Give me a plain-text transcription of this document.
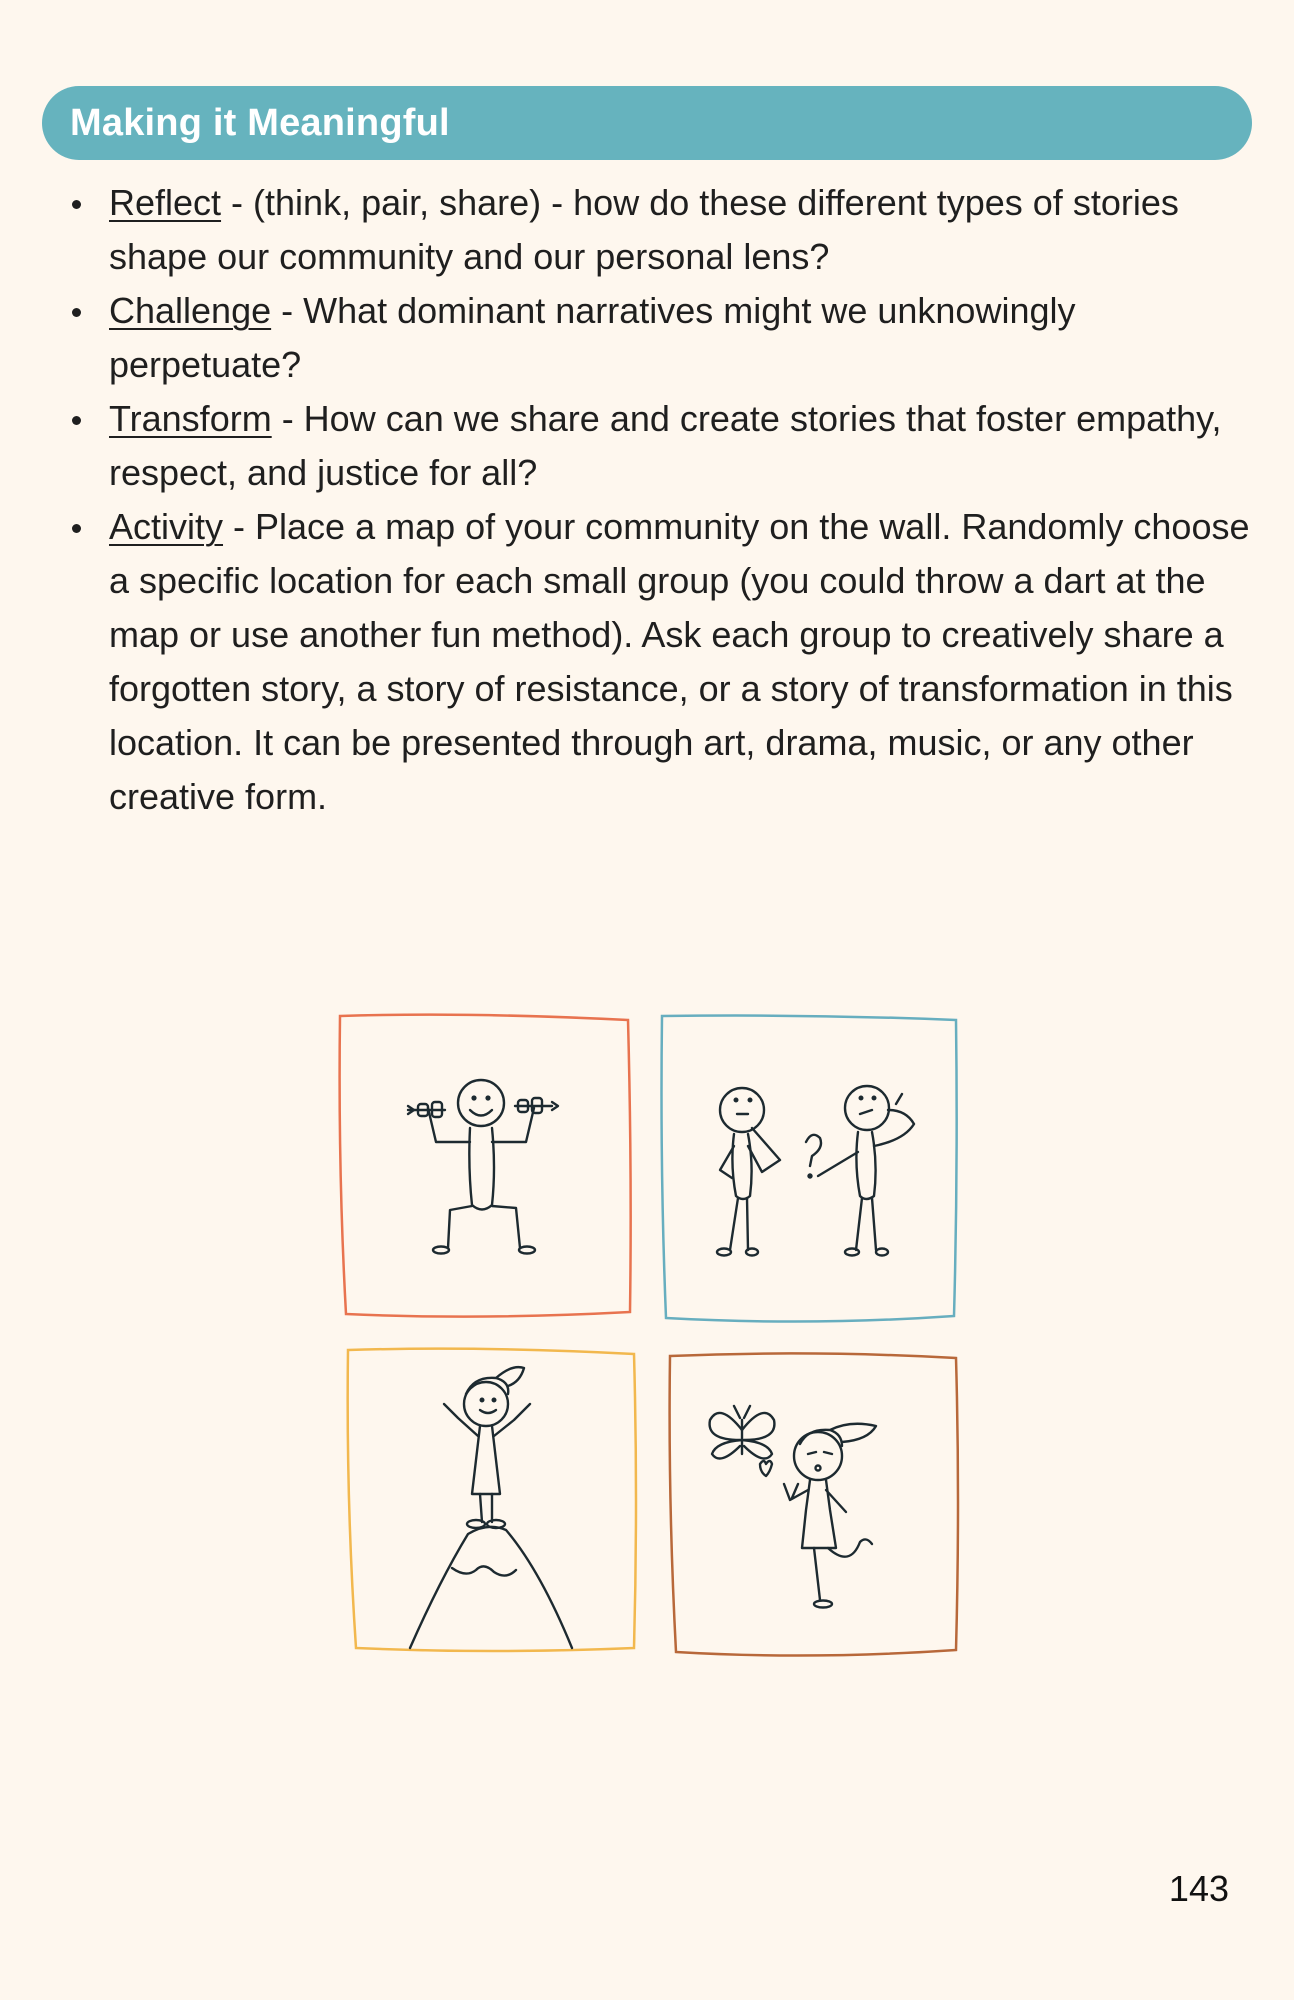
Making it Meaningful
Reflect - (think, pair, share) - how do these different types of stories shape our community and our personal lens?
Challenge - What dominant narratives might we unknowingly perpetuate?
Transform - How can we share and create stories that foster empathy, respect, and justice for all?
Activity - Place a map of your community on the wall. Randomly choose a specific location for each small group (you could throw a dart at the map or use another fun method). Ask each group to creatively share a forgotten story, a story of resistance, or a story of transformation in this location. It can be presented through art, drama, music, or any other creative form.
143
